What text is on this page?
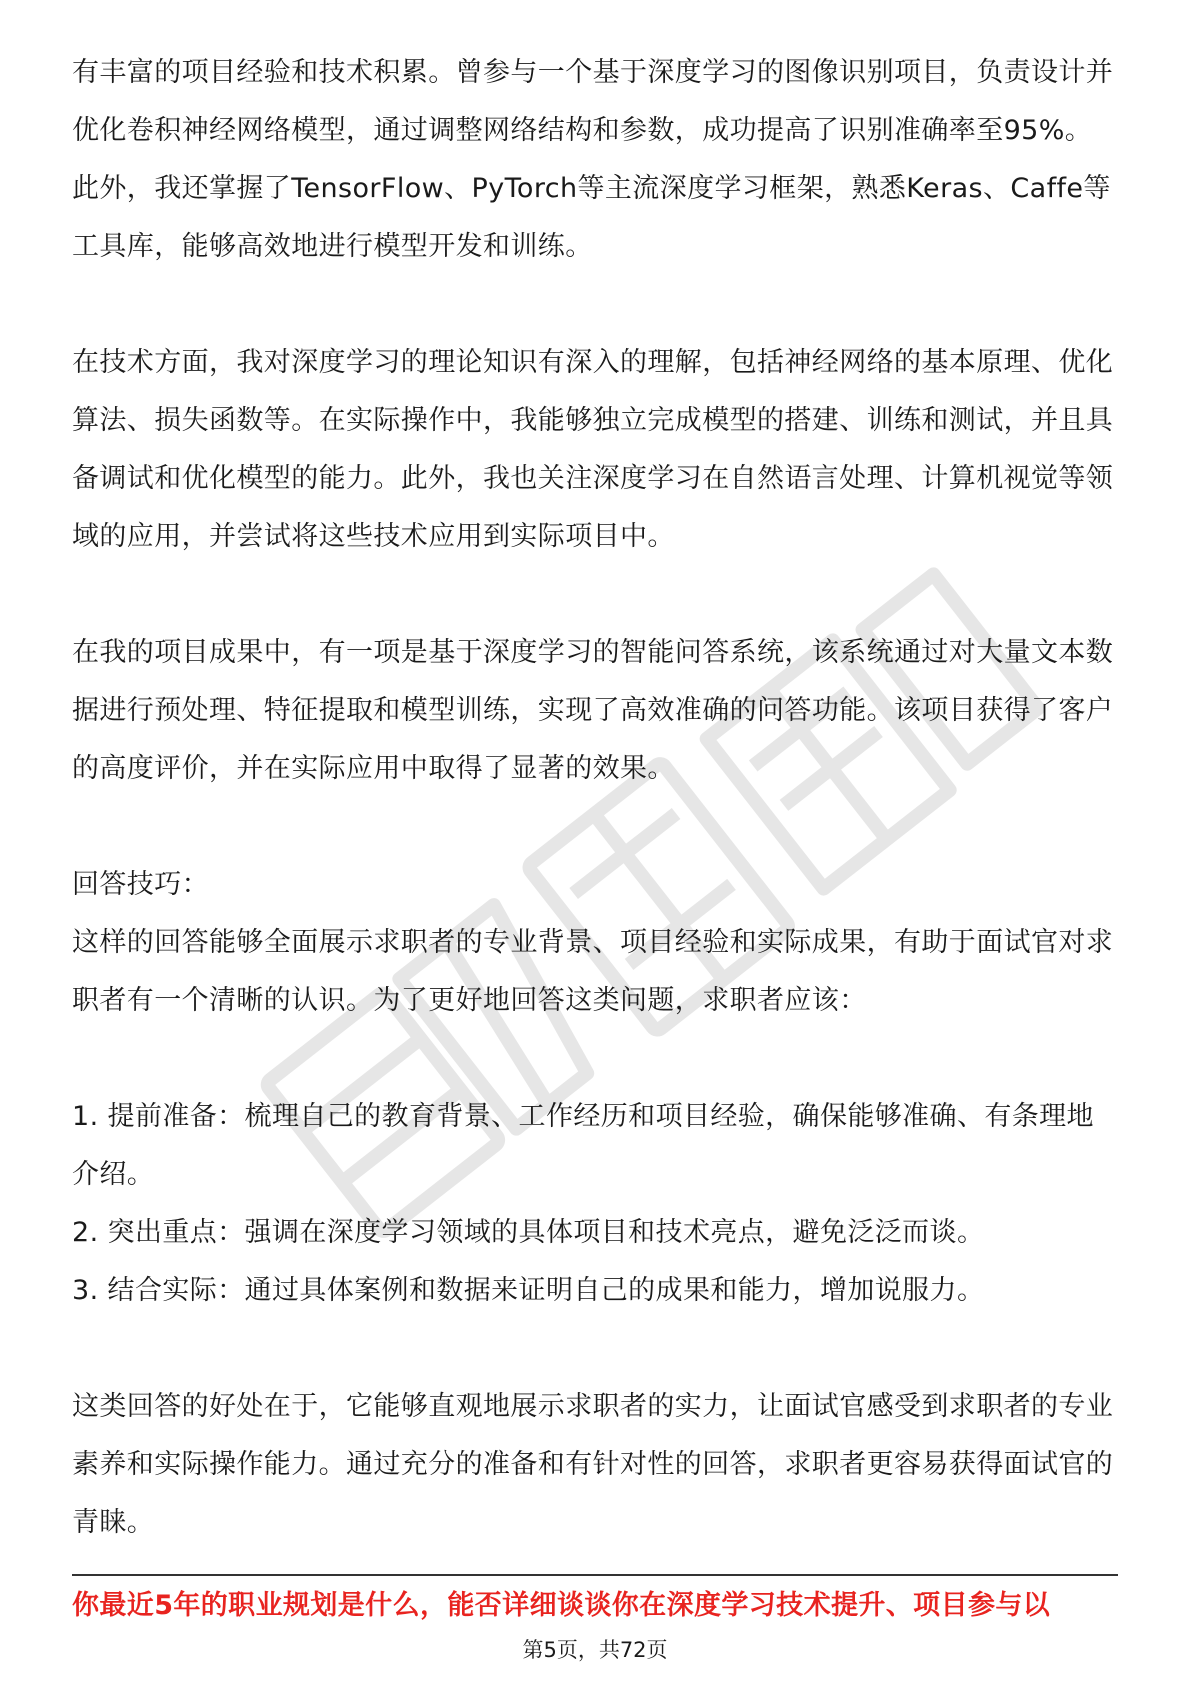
有丰富的项目经验和技术积累。曾参与一个基于深度学习的图像识别项目，负责设计并优化卷积神经网络模型，通过调整网络结构和参数，成功提高了识别准确率至95%。此外，我还掌握了TensorFlow、PyTorch等主流深度学习框架，熟悉Keras、Caffe等工具库，能够高效地进行模型开发和训练。

在技术方面，我对深度学习的理论知识有深入的理解，包括神经网络的基本原理、优化算法、损失函数等。在实际操作中，我能够独立完成模型的搭建、训练和测试，并且具备调试和优化模型的能力。此外，我也关注深度学习在自然语言处理、计算机视觉等领域的应用，并尝试将这些技术应用到实际项目中。

在我的项目成果中，有一项是基于深度学习的智能问答系统，该系统通过对大量文本数据进行预处理、特征提取和模型训练，实现了高效准确的问答功能。该项目获得了客户的高度评价，并在实际应用中取得了显著的效果。

回答技巧：

这样的回答能够全面展示求职者的专业背景、项目经验和实际成果，有助于面试官对求职者有一个清晰的认识。为了更好地回答这类问题，求职者应该：

1. 提前准备：梳理自己的教育背景、工作经历和项目经验，确保能够准确、有条理地介绍。

2. 突出重点：强调在深度学习领域的具体项目和技术亮点，避免泛泛而谈。

3. 结合实际：通过具体案例和数据来证明自己的成果和能力，增加说服力。

这类回答的好处在于，它能够直观地展示求职者的实力，让面试官感受到求职者的专业素养和实际操作能力。通过充分的准备和有针对性的回答，求职者更容易获得面试官的青睐。

你最近5年的职业规划是什么，能否详细谈谈你在深度学习技术提升、项目参与以
第5页，共72页
